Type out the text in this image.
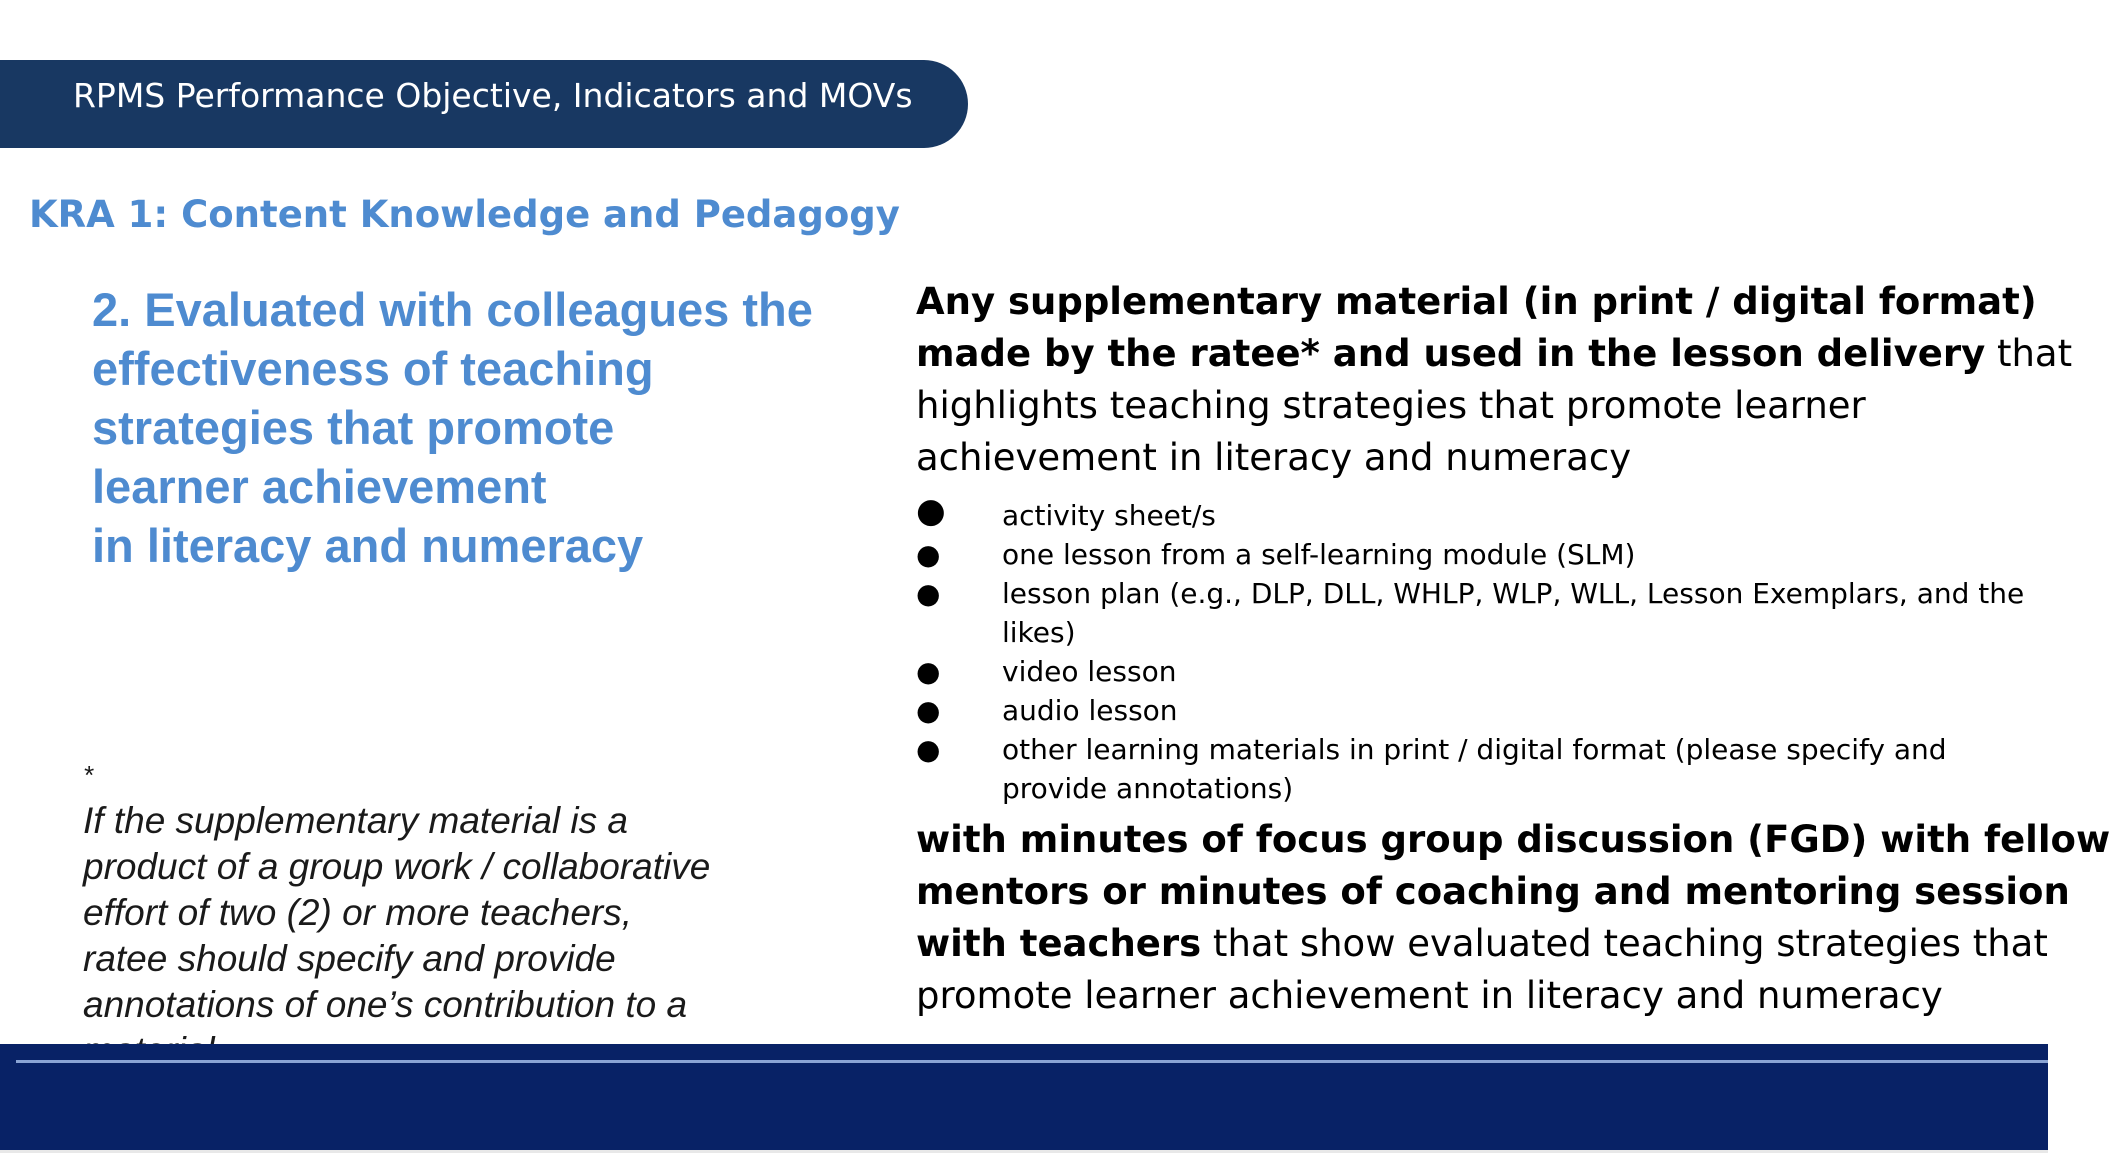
RPMS Performance Objective, Indicators and MOVs
KRA 1: Content Knowledge and Pedagogy
2. Evaluated with colleagues the
effectiveness of teaching
strategies that promote
learner achievement
in literacy and numeracy

*
If the supplementary material is a
product of a group work / collaborative
effort of two (2) or more teachers,
ratee should specify and provide
annotations of one’s contribution to a

Any supplementary material (in print / digital format)
made by the ratee* and used in the lesson delivery that
highlights teaching strategies that promote learner
achievement in literacy and numeracy

● activity sheet/s
● one lesson from a self-learning module (SLM)
● lesson plan (e.g., DLP, DLL, WHLP, WLP, WLL, Lesson Exemplars, and the
likes)
● video lesson
● audio lesson
● other learning materials in print / digital format (please specify and
provide annotations)

with minutes of focus group discussion (FGD) with fellow
mentors or minutes of coaching and mentoring session
with teachers that show evaluated teaching strategies that
promote learner achievement in literacy and numeracy
